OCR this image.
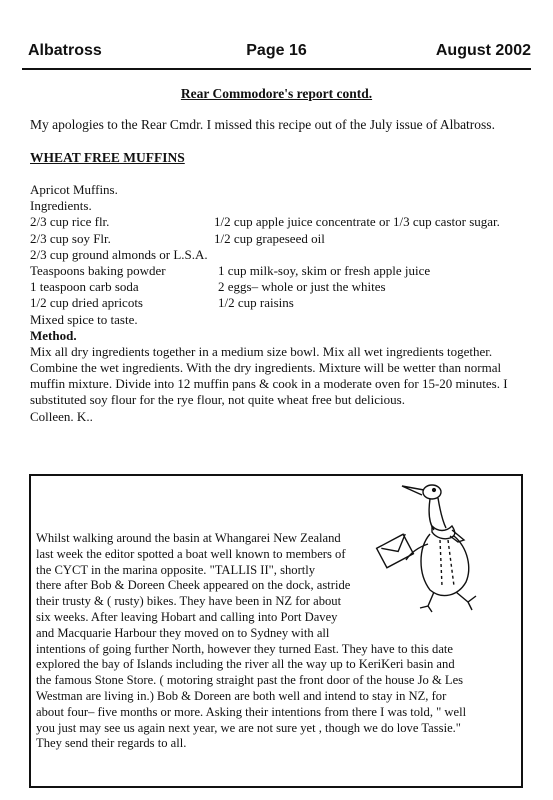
Albatross	Page 16	August 2002
Rear Commodore's report contd.
My apologies to the Rear Cmdr. I missed this recipe out of the July issue of Albatross.
WHEAT FREE MUFFINS
Apricot Muffins.
Ingredients.
2/3 cup rice flr.	1/2 cup apple juice concentrate or 1/3 cup castor sugar.
2/3 cup soy Flr.	1/2 cup grapeseed oil
2/3 cup ground almonds or L.S.A.
Teaspoons baking powder	1 cup milk-soy, skim or fresh apple juice
1 teaspoon carb soda	2 eggs– whole or just the whites
1/2 cup dried apricots	1/2 cup raisins
Mixed spice to taste.
Method.

Mix all dry ingredients together in a medium size bowl. Mix all wet ingredients together. Combine the wet ingredients. With the dry ingredients. Mixture will be wetter than normal muffin mixture. Divide into 12 muffin pans & cook in a moderate oven for 15-20 minutes. I substituted soy flour for the rye flour, not quite wheat free but delicious.

Colleen. K..
Whilst walking around the basin at Whangarei New Zealand
last week the editor spotted a boat well known to members of
the CYCT in the marina opposite. "TALLIS II", shortly
there after Bob & Doreen Cheek appeared on the dock, astride
their trusty & ( rusty) bikes. They have been in NZ for about
six weeks. After leaving Hobart and calling into Port Davey
and Macquarie Harbour they moved on to Sydney with all
intentions of going further North, however they turned East. They have to this date
explored the bay of Islands including the river all the way up to KeriKeri basin and
the famous Stone Store. ( motoring straight past the front door of the house Jo & Les
Westman are living in.) Bob & Doreen are both well and intend to stay in NZ, for
about four– five months or more. Asking their intentions from there I was told, " well
you just may see us again next year, we are not sure yet , though we do love Tassie."
They send their regards to all.
